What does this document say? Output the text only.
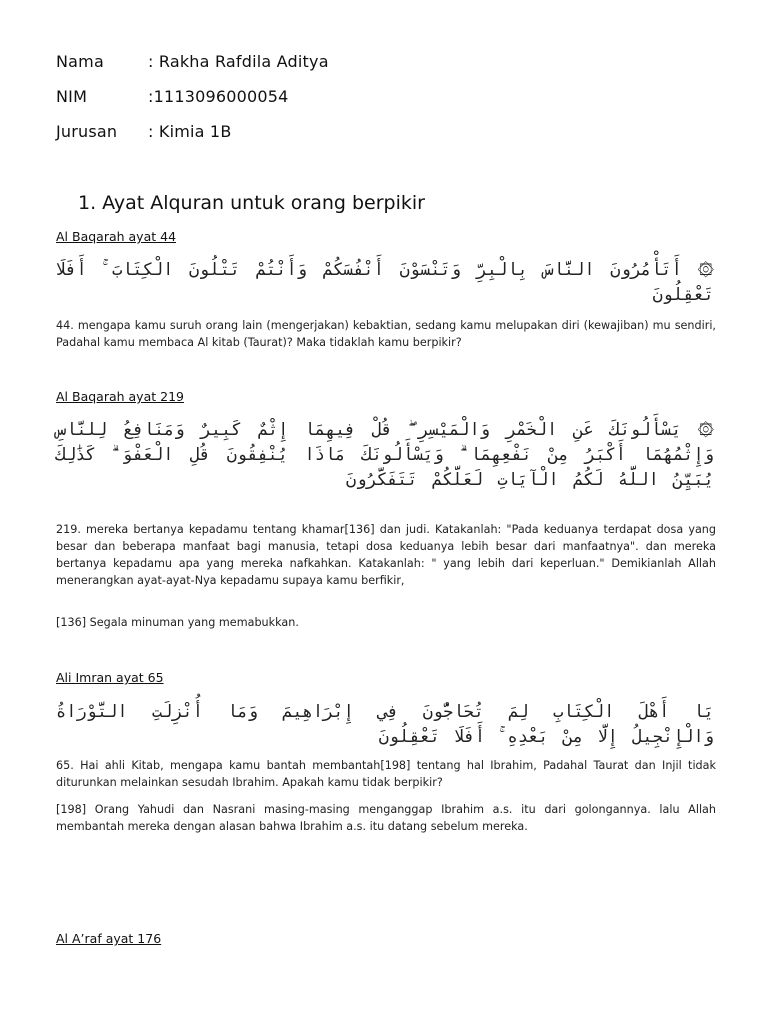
Nama	: Rakha Rafdila Aditya
NIM	:1113096000054
Jurusan : Kimia 1B
1. Ayat Alquran untuk orang berpikir
Al Baqarah ayat 44
۞ أَتَأْمُرُونَ النَّاسَ بِالْبِرِّ وَتَنْسَوْنَ أَنْفُسَكُمْ وَأَنْتُمْ تَتْلُونَ الْكِتَابَ ۚ أَفَلَا تَعْقِلُونَ
44. mengapa kamu suruh orang lain (mengerjakan) kebaktian, sedang kamu melupakan diri (kewajiban) mu sendiri, Padahal kamu membaca Al kitab (Taurat)? Maka tidaklah kamu berpikir?
Al Baqarah ayat 219
۞ يَسْأَلُونَكَ عَنِ الْخَمْرِ وَالْمَيْسِرِ ۖ قُلْ فِيهِمَا إِثْمٌ كَبِيرٌ وَمَنَافِعُ لِلنَّاسِ وَإِثْمُهُمَا أَكْبَرُ مِنْ نَفْعِهِمَا ۗ وَيَسْأَلُونَكَ مَاذَا يُنْفِقُونَ قُلِ الْعَفْوَ ۗ كَذَٰلِكَ يُبَيِّنُ اللَّهُ لَكُمُ الْآيَاتِ لَعَلَّكُمْ تَتَفَكَّرُونَ
219. mereka bertanya kepadamu tentang khamar[136] dan judi. Katakanlah: "Pada keduanya terdapat dosa yang besar dan beberapa manfaat bagi manusia, tetapi dosa keduanya lebih besar dari manfaatnya". dan mereka bertanya kepadamu apa yang mereka nafkahkan. Katakanlah: " yang lebih dari keperluan." Demikianlah Allah menerangkan ayat-ayat-Nya kepadamu supaya kamu berfikir,
[136] Segala minuman yang memabukkan.
Ali Imran ayat 65
يَا أَهْلَ الْكِتَابِ لِمَ تُحَاجُّونَ فِي إِبْرَاهِيمَ وَمَا أُنْزِلَتِ التَّوْرَاةُ وَالْإِنْجِيلُ إِلَّا مِنْ بَعْدِهِ ۚ أَفَلَا تَعْقِلُونَ
65. Hai ahli Kitab, mengapa kamu bantah membantah[198] tentang hal Ibrahim, Padahal Taurat dan Injil tidak diturunkan melainkan sesudah Ibrahim. Apakah kamu tidak berpikir?
[198] Orang Yahudi dan Nasrani masing-masing menganggap Ibrahim a.s. itu dari golongannya. lalu Allah membantah mereka dengan alasan bahwa Ibrahim a.s. itu datang sebelum mereka.
Al A’raf ayat 176
